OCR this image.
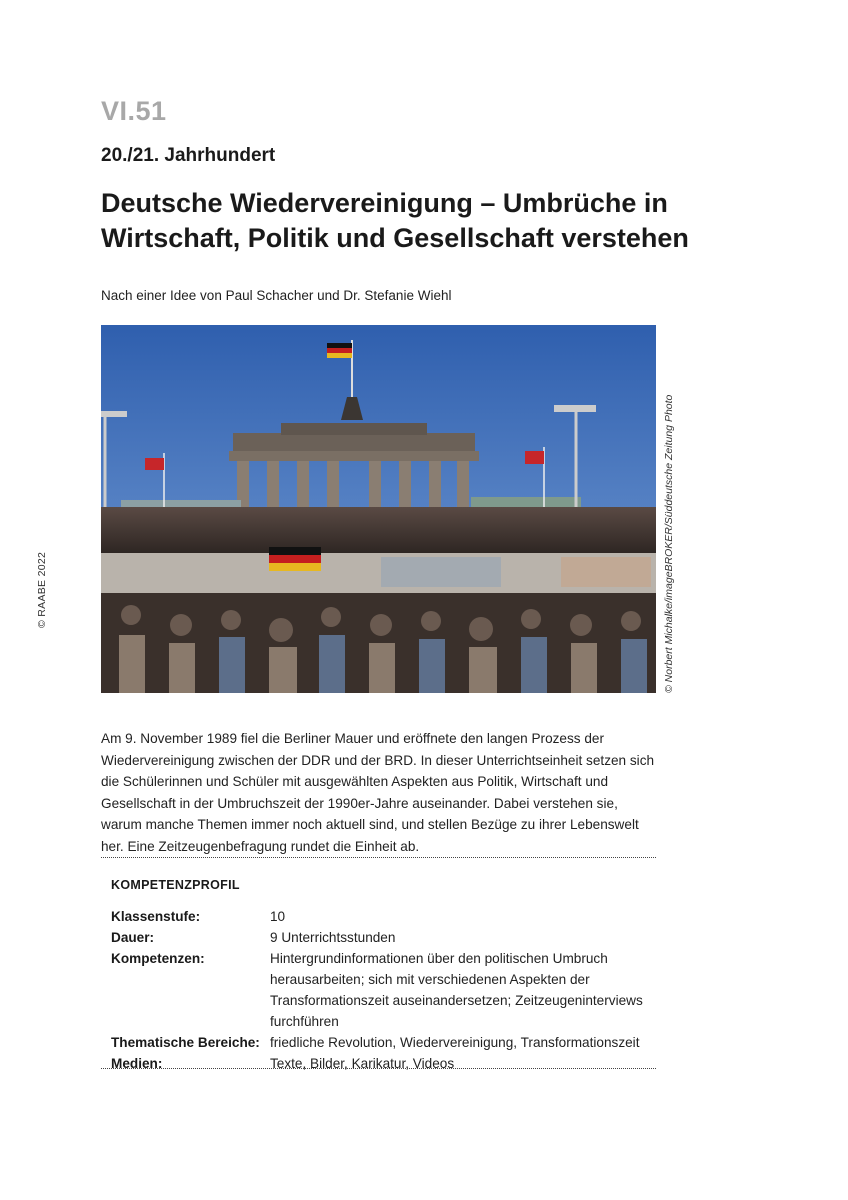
VI.51
20./21. Jahrhundert
Deutsche Wiedervereinigung – Umbrüche in Wirtschaft, Politik und Gesellschaft verstehen
Nach einer Idee von Paul Schacher und Dr. Stefanie Wiehl
© Norbert Michalke/imageBROKER/Süddeutsche Zeitung Photo
© RAABE 2022
Am 9. November 1989 fiel die Berliner Mauer und eröffnete den langen Prozess der Wiedervereinigung zwischen der DDR und der BRD. In dieser Unterrichtseinheit setzen sich die Schülerinnen und Schüler mit ausgewählten Aspekten aus Politik, Wirtschaft und Gesellschaft in der Umbruchszeit der 1990er-Jahre auseinander. Dabei verstehen sie, warum manche Themen immer noch aktuell sind, und stellen Bezüge zu ihrer Lebenswelt her. Eine Zeitzeugenbefragung rundet die Einheit ab.
KOMPETENZPROFIL
Klassenstufe:	10
Dauer:	9 Unterrichtsstunden
Kompetenzen:	Hintergrundinformationen über den politischen Umbruch herausarbeiten; sich mit verschiedenen Aspekten der Transformationszeit auseinandersetzen; Zeitzeugeninterviews furchführen
Thematische Bereiche: friedliche Revolution, Wiedervereinigung, Transformationszeit
Medien:	Texte, Bilder, Karikatur, Videos
